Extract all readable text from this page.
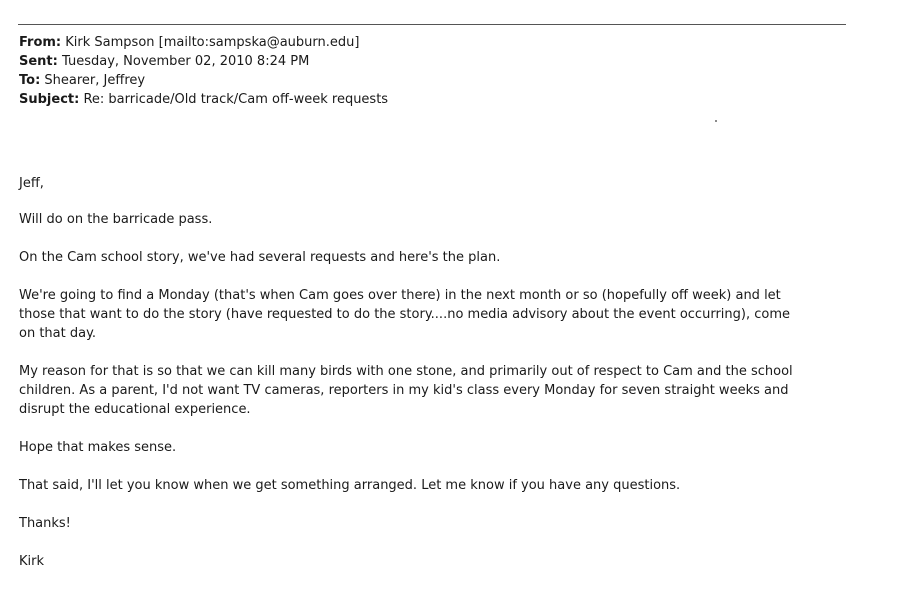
From: Kirk Sampson [mailto:sampska@auburn.edu]
Sent: Tuesday, November 02, 2010 8:24 PM
To: Shearer, Jeffrey
Subject: Re: barricade/Old track/Cam off-week requests

Jeff,

Will do on the barricade pass.

On the Cam school story, we've had several requests and here's the plan.

We're going to find a Monday (that's when Cam goes over there) in the next month or so (hopefully off week) and let
those that want to do the story (have requested to do the story....no media advisory about the event occurring), come
on that day.

My reason for that is so that we can kill many birds with one stone, and primarily out of respect to Cam and the school
children. As a parent, I'd not want TV cameras, reporters in my kid's class every Monday for seven straight weeks and
disrupt the educational experience.

Hope that makes sense.

That said, I'll let you know when we get something arranged. Let me know if you have any questions.

Thanks!

Kirk
